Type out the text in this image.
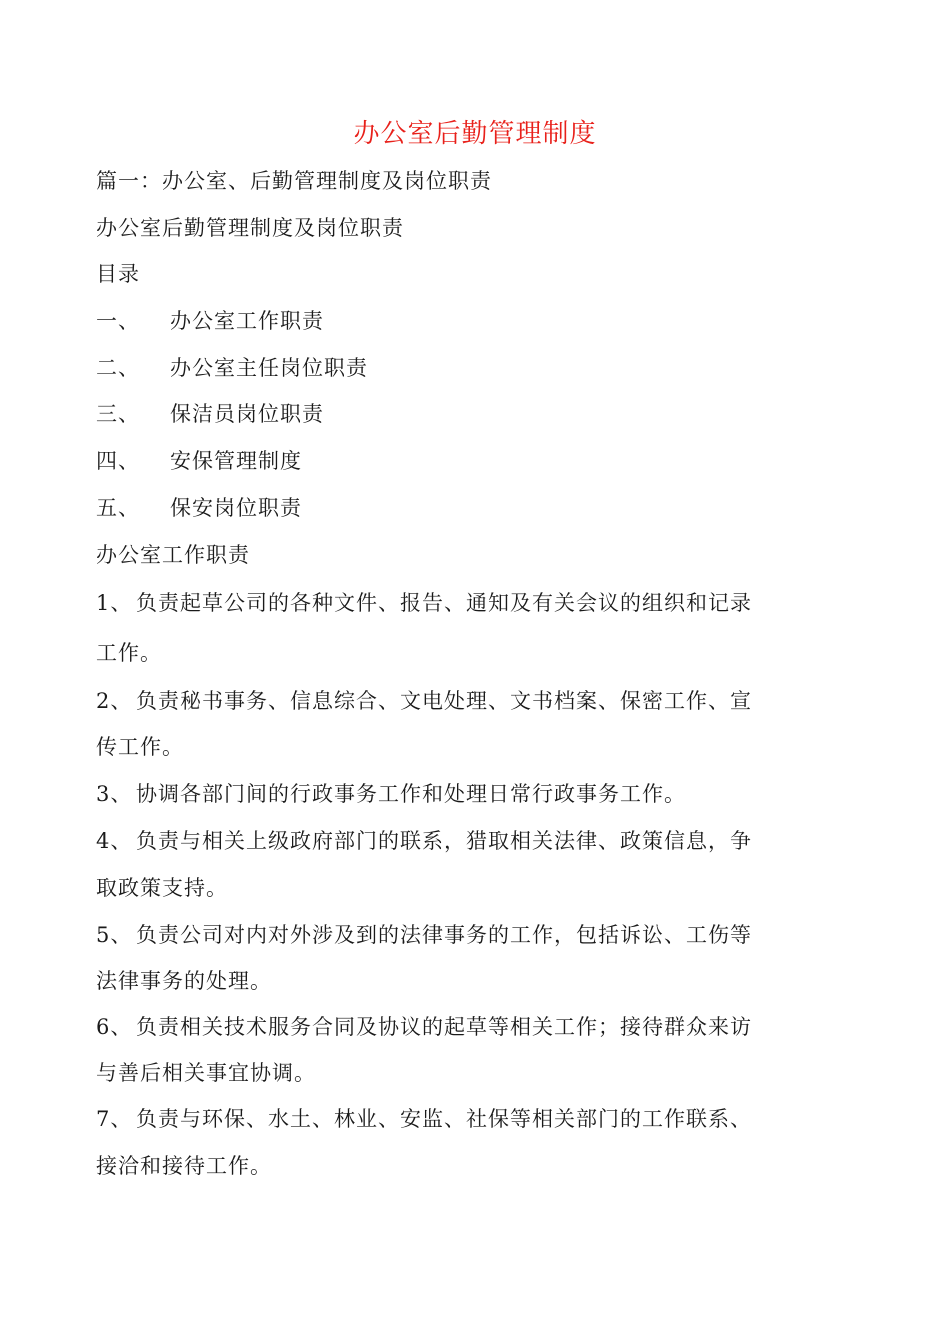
办公室后勤管理制度
篇一：办公室、后勤管理制度及岗位职责
办公室后勤管理制度及岗位职责
目录
一、 办公室工作职责
二、 办公室主任岗位职责
三、 保洁员岗位职责
四、 安保管理制度
五、 保安岗位职责
办公室工作职责
1、 负责起草公司的各种文件、报告、通知及有关会议的组织和记录
工作。
2、 负责秘书事务、信息综合、文电处理、文书档案、保密工作、宣
传工作。
3、 协调各部门间的行政事务工作和处理日常行政事务工作。
4、 负责与相关上级政府部门的联系，猎取相关法律、政策信息，争
取政策支持。
5、 负责公司对内对外涉及到的法律事务的工作，包括诉讼、工伤等
法律事务的处理。
6、 负责相关技术服务合同及协议的起草等相关工作；接待群众来访
与善后相关事宜协调。
7、 负责与环保、水土、林业、安监、社保等相关部门的工作联系、
接洽和接待工作。
